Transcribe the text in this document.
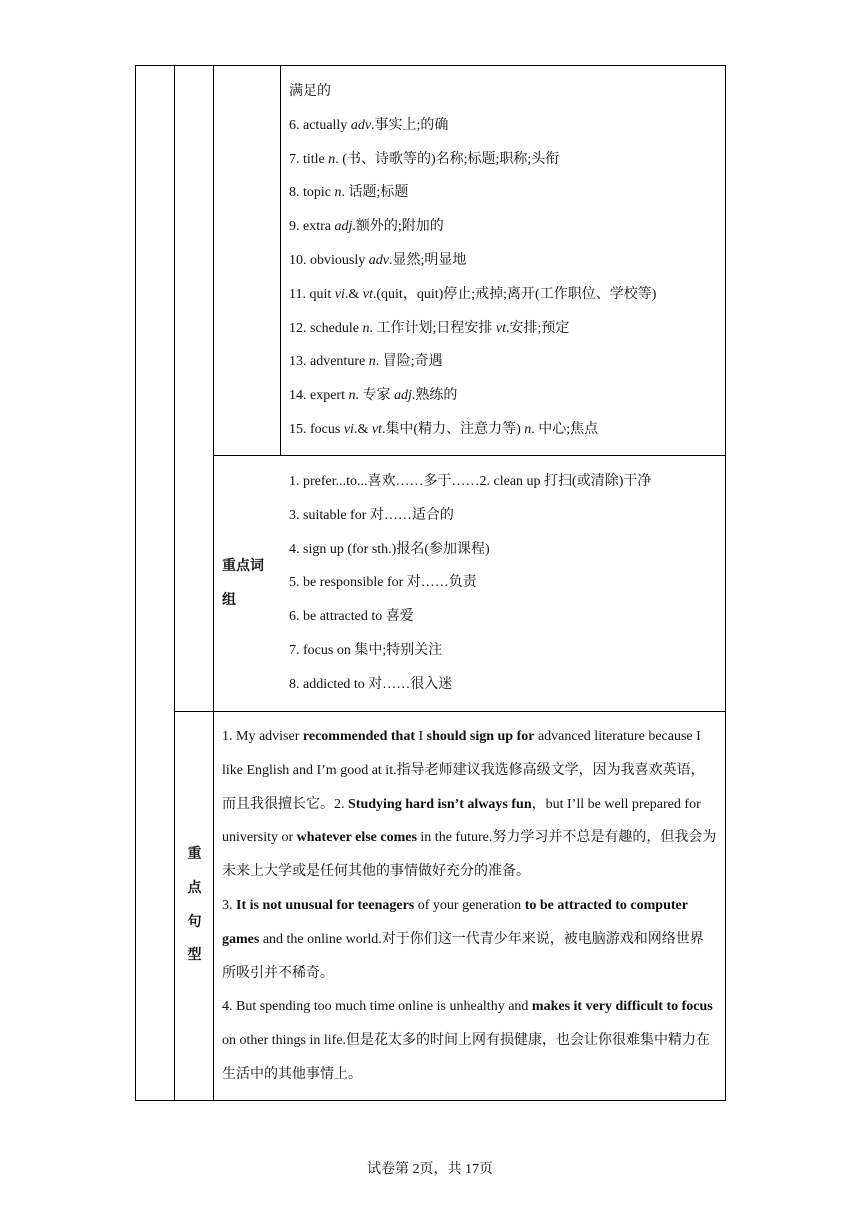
满足的
6. actually adv.事实上;的确
7. title n. (书、诗歌等的)名称;标题;职称;头衔
8. topic n. 话题;标题
9. extra adj.额外的;附加的
10. obviously adv.显然;明显地
11. quit vi.& vt.(quit，quit)停止;戒掉;离开(工作职位、学校等)
12. schedule n. 工作计划;日程安排 vt.安排;预定
13. adventure n. 冒险;奇遇
14. expert n. 专家 adj.熟练的
15. focus vi.& vt.集中(精力、注意力等) n. 中心;焦点
重点词
组
1. prefer...to...喜欢……多于……2. clean up 打扫(或清除)干净
3. suitable for 对……适合的
4. sign up (for sth.)报名(参加课程)
5. be responsible for 对……负责
6. be attracted to 喜爱
7. focus on 集中;特别关注
8. addicted to 对……很入迷
重
点
句
型
1. My adviser recommended that I should sign up for advanced literature because I like English and I’m good at it.指导老师建议我选修高级文学，因为我喜欢英语，而且我很擅长它。2. Studying hard isn’t always fun，but I’ll be well prepared for university or whatever else comes in the future.努力学习并不总是有趣的，但我会为未来上大学或是任何其他的事情做好充分的准备。
3. It is not unusual for teenagers of your generation to be attracted to computer games and the online world.对于你们这一代青少年来说，被电脑游戏和网络世界所吸引并不稀奇。
4. But spending too much time online is unhealthy and makes it very difficult to focus on other things in life.但是花太多的时间上网有损健康，也会让你很难集中精力在生活中的其他事情上。
试卷第 2页，共 17页
